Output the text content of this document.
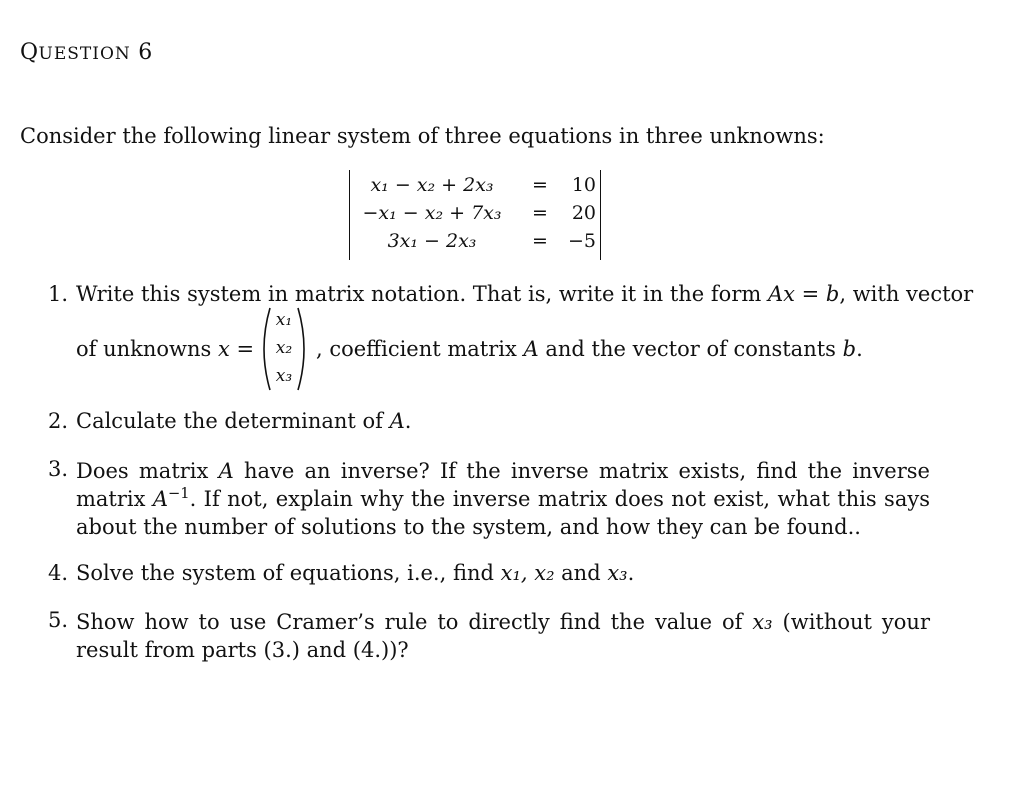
QUESTION 6
Consider the following linear system of three equations in three unknowns:
x₁ − x₂ + 2x₃	= 10
−x₁ − x₂ + 7x₃	= 20
3x₁ − 2x₃	= −5
1. Write this system in matrix notation. That is, write it in the form Ax = b, with vector
of unknowns x =
x₁
x₂
x₃
, coefficient matrix A and the vector of constants b.
2. Calculate the determinant of A.
3. Does matrix A have an inverse? If the inverse matrix exists, find the inverse matrix $A^{-1}$. If not, explain why the inverse matrix does not exist, what this says about the number of solutions to the system, and how they can be found..
4. Solve the system of equations, i.e., find x₁, x₂ and x₃.
5. Show how to use Cramer’s rule to directly find the value of x₃ (without your result from parts (3.) and (4.))?
